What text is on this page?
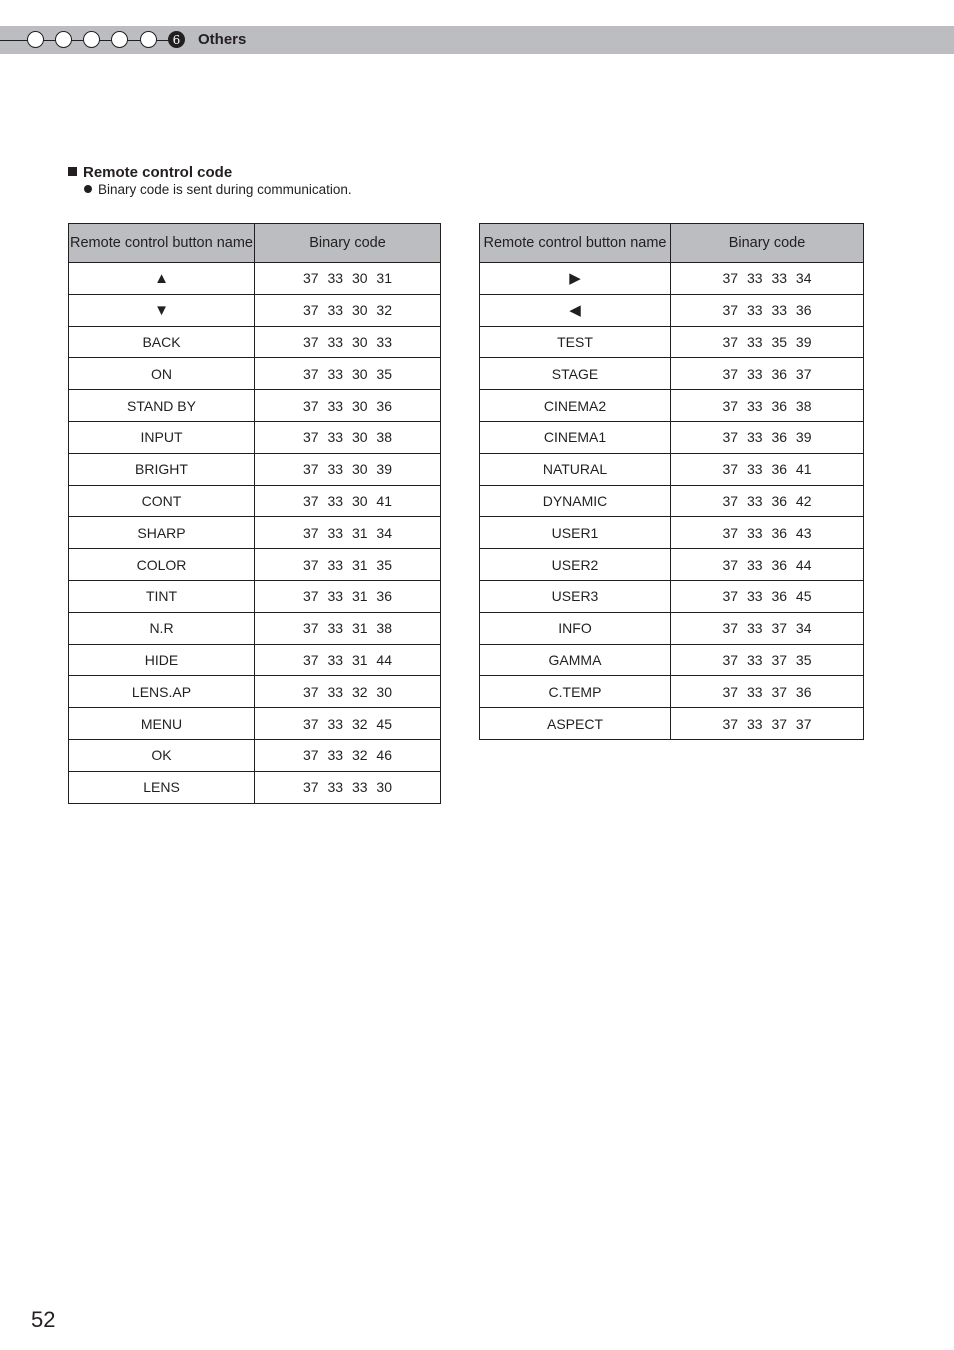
6	Others
Remote control code
Binary code is sent during communication.
Remote control button name	Binary code
▲	37 33 30 31
▼	37 33 30 32
BACK	37 33 30 33
ON	37 33 30 35
STAND BY	37 33 30 36
INPUT	37 33 30 38
BRIGHT	37 33 30 39
CONT	37 33 30 41
SHARP	37 33 31 34
COLOR	37 33 31 35
TINT	37 33 31 36
N.R	37 33 31 38
HIDE	37 33 31 44
LENS.AP	37 33 32 30
MENU	37 33 32 45
OK	37 33 32 46
LENS	37 33 33 30
Remote control button name	Binary code
▶	37 33 33 34
◀	37 33 33 36
TEST	37 33 35 39
STAGE	37 33 36 37
CINEMA2	37 33 36 38
CINEMA1	37 33 36 39
NATURAL	37 33 36 41
DYNAMIC	37 33 36 42
USER1	37 33 36 43
USER2	37 33 36 44
USER3	37 33 36 45
INFO	37 33 37 34
GAMMA	37 33 37 35
C.TEMP	37 33 37 36
ASPECT	37 33 37 37
52
